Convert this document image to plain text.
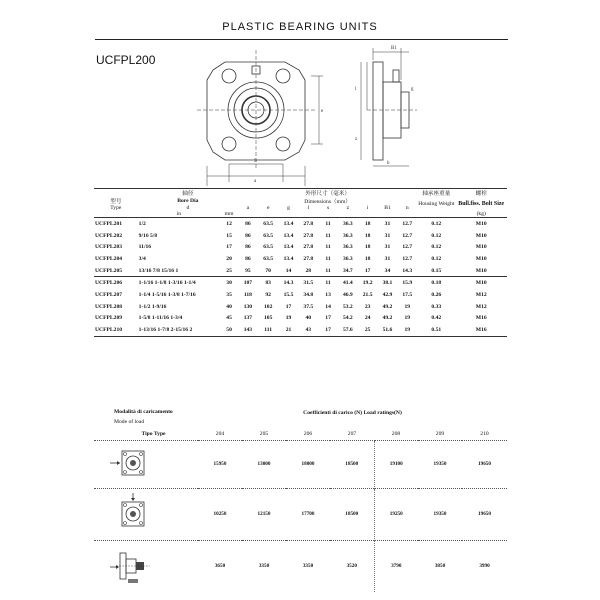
PLASTIC BEARING UNITS
UCFPL200
B1
b
S
a
e
l
z
g
	轴径		外形尺寸（毫米）									轴承座重量	螺栓
型号	Bore Dia		Dimensions（mm）									Housing Weight	Bull.fiss. Bolt Size
Type	d		a	e	g	l	s	z	i	B1	n		
	in	mm											(kg)
UCFPL201	1/2	12	86	63.5	13.4	27.8	11	36.3	18	31	12.7	0.12	M10
UCFPL202	9/16 5/8	15	86	63.5	13.4	27.8	11	36.3	18	31	12.7	0.12	M10
UCFPL203	11/16	17	86	63.5	13.4	27.8	11	36.3	18	31	12.7	0.12	M10
UCFPL204	3/4	20	86	63.5	13.4	27.8	11	36.3	18	31	12.7	0.12	M10
UCFPL205	13/16 7/8 15/16 1	25	95	70	14	28	11	34.7	17	34	14.3	0.15	M10
UCFPL206	1-1/16 1-1/8 1-3/16 1-1/4	30	107	83	14.3	31.5	11	41.4	19.2	38.1	15.9	0.18	M10
UCFPL207	1-1/4 1-5/16 1-3/8 1-7/16	35	118	92	15.5	34.8	13	46.9	21.5	42.9	17.5	0.26	M12
UCFPL208	1-1/2 1-9/16	40	130	102	17	37.5	14	53.2	23	49.2	19	0.33	M12
UCFPL209	1-5/8 1-11/16 1-3/4	45	137	105	19	40	17	54.2	24	49.2	19	0.42	M16
UCFPL210	1-13/16 1-7/8 2-15/16 2	50	143	111	21	43	17	57.6	25	51.6	19	0.51	M16
Modalità di caricamento	Coefficienti di carico (N) Load ratings(N)						
Mode of load							
Tipo Type	204	205	206	207	208	209	210
	15950	13000	18000	18500	19100	19350	19650
	10250	12150	17700	18500	19250	19350	19650
	3650	3350	3350	3520	3790	3850	3990
